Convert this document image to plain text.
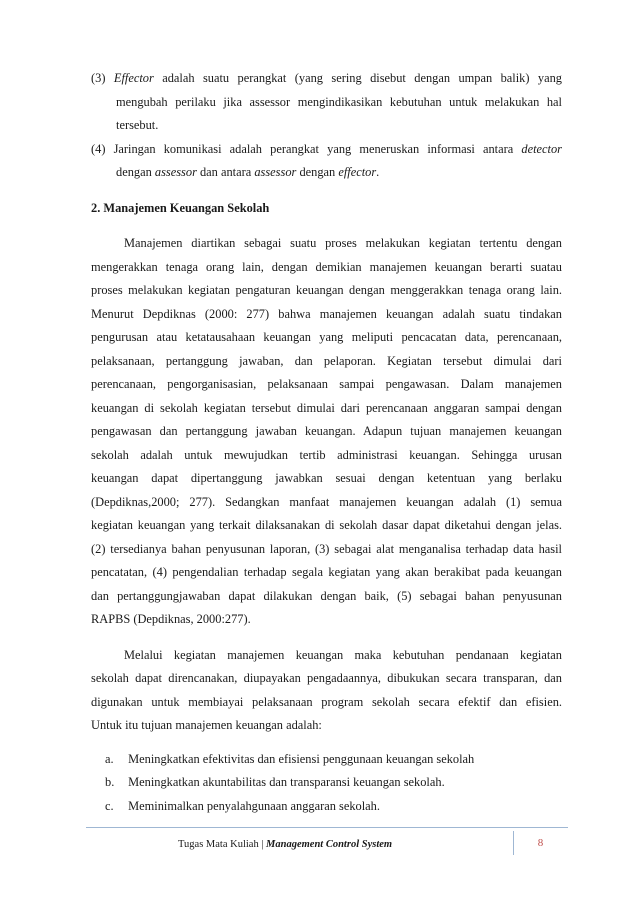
(3) Effector adalah suatu perangkat (yang sering disebut dengan umpan balik) yang
mengubah perilaku jika assessor mengindikasikan kebutuhan untuk melakukan hal
tersebut.
(4) Jaringan komunikasi adalah perangkat yang meneruskan informasi antara detector
dengan assessor dan antara assessor dengan effector.
2. Manajemen Keuangan Sekolah
Manajemen diartikan sebagai suatu proses melakukan kegiatan tertentu dengan
mengerakkan tenaga orang lain, dengan demikian manajemen keuangan berarti suatau
proses melakukan kegiatan pengaturan keuangan dengan menggerakkan tenaga orang lain.
Menurut Depdiknas (2000: 277) bahwa manajemen keuangan adalah suatu tindakan
pengurusan atau ketatausahaan keuangan yang meliputi pencacatan data, perencanaan,
pelaksanaan, pertanggung jawaban, dan pelaporan. Kegiatan tersebut dimulai dari
perencanaan, pengorganisasian, pelaksanaan sampai pengawasan. Dalam manajemen
keuangan di sekolah kegiatan tersebut dimulai dari perencanaan anggaran sampai dengan
pengawasan dan pertanggung jawaban keuangan. Adapun tujuan manajemen keuangan
sekolah adalah untuk mewujudkan tertib administrasi keuangan. Sehingga urusan
keuangan dapat dipertanggung jawabkan sesuai dengan ketentuan yang berlaku
(Depdiknas,2000; 277). Sedangkan manfaat manajemen keuangan adalah (1) semua
kegiatan keuangan yang terkait dilaksanakan di sekolah dasar dapat diketahui dengan jelas.
(2) tersedianya bahan penyusunan laporan, (3) sebagai alat menganalisa terhadap data hasil
pencatatan, (4) pengendalian terhadap segala kegiatan yang akan berakibat pada keuangan
dan pertanggungjawaban dapat dilakukan dengan baik, (5) sebagai bahan penyusunan
RAPBS (Depdiknas, 2000:277).
Melalui kegiatan manajemen keuangan maka kebutuhan pendanaan kegiatan
sekolah dapat direncanakan, diupayakan pengadaannya, dibukukan secara transparan, dan
digunakan untuk membiayai pelaksanaan program sekolah secara efektif dan efisien.
Untuk itu tujuan manajemen keuangan adalah:
a. Meningkatkan efektivitas dan efisiensi penggunaan keuangan sekolah
b. Meningkatkan akuntabilitas dan transparansi keuangan sekolah.
c. Meminimalkan penyalahgunaan anggaran sekolah.
Tugas Mata Kuliah | Management Control System	8
